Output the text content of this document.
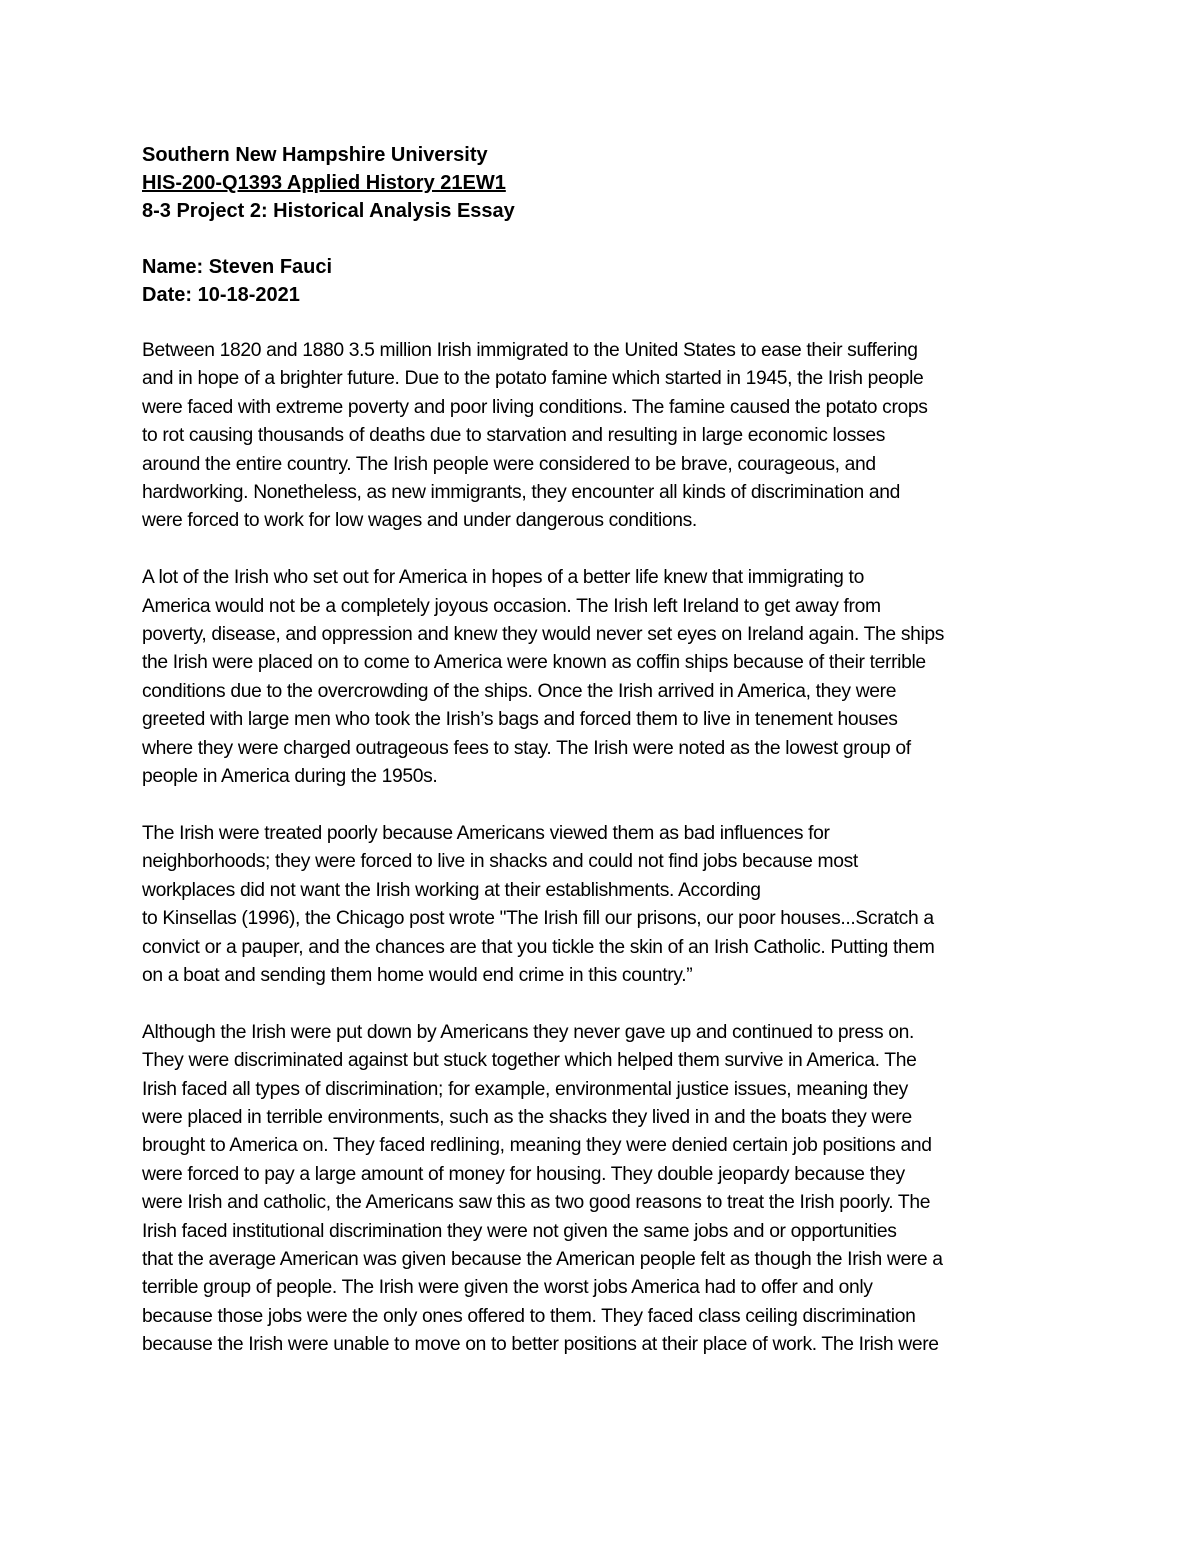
Southern New Hampshire University
HIS-200-Q1393 Applied History 21EW1
8-3 Project 2: Historical Analysis Essay
Name: Steven Fauci
Date: 10-18-2021
Between 1820 and 1880 3.5 million Irish immigrated to the United States to ease their suffering
and in hope of a brighter future. Due to the potato famine which started in 1945, the Irish people
were faced with extreme poverty and poor living conditions. The famine caused the potato crops
to rot causing thousands of deaths due to starvation and resulting in large economic losses
around the entire country. The Irish people were considered to be brave, courageous, and
hardworking. Nonetheless, as new immigrants, they encounter all kinds of discrimination and
were forced to work for low wages and under dangerous conditions.
A lot of the Irish who set out for America in hopes of a better life knew that immigrating to
America would not be a completely joyous occasion. The Irish left Ireland to get away from
poverty, disease, and oppression and knew they would never set eyes on Ireland again. The ships
the Irish were placed on to come to America were known as coffin ships because of their terrible
conditions due to the overcrowding of the ships. Once the Irish arrived in America, they were
greeted with large men who took the Irish’s bags and forced them to live in tenement houses
where they were charged outrageous fees to stay. The Irish were noted as the lowest group of
people in America during the 1950s.
The Irish were treated poorly because Americans viewed them as bad influences for
neighborhoods; they were forced to live in shacks and could not find jobs because most
workplaces did not want the Irish working at their establishments. According
to Kinsellas (1996), the Chicago post wrote "The Irish fill our prisons, our poor houses...Scratch a
convict or a pauper, and the chances are that you tickle the skin of an Irish Catholic. Putting them
on a boat and sending them home would end crime in this country.”
Although the Irish were put down by Americans they never gave up and continued to press on.
They were discriminated against but stuck together which helped them survive in America. The
Irish faced all types of discrimination; for example, environmental justice issues, meaning they
were placed in terrible environments, such as the shacks they lived in and the boats they were
brought to America on. They faced redlining, meaning they were denied certain job positions and
were forced to pay a large amount of money for housing. They double jeopardy because they
were Irish and catholic, the Americans saw this as two good reasons to treat the Irish poorly. The
Irish faced institutional discrimination they were not given the same jobs and or opportunities
that the average American was given because the American people felt as though the Irish were a
terrible group of people. The Irish were given the worst jobs America had to offer and only
because those jobs were the only ones offered to them. They faced class ceiling discrimination
because the Irish were unable to move on to better positions at their place of work. The Irish were
